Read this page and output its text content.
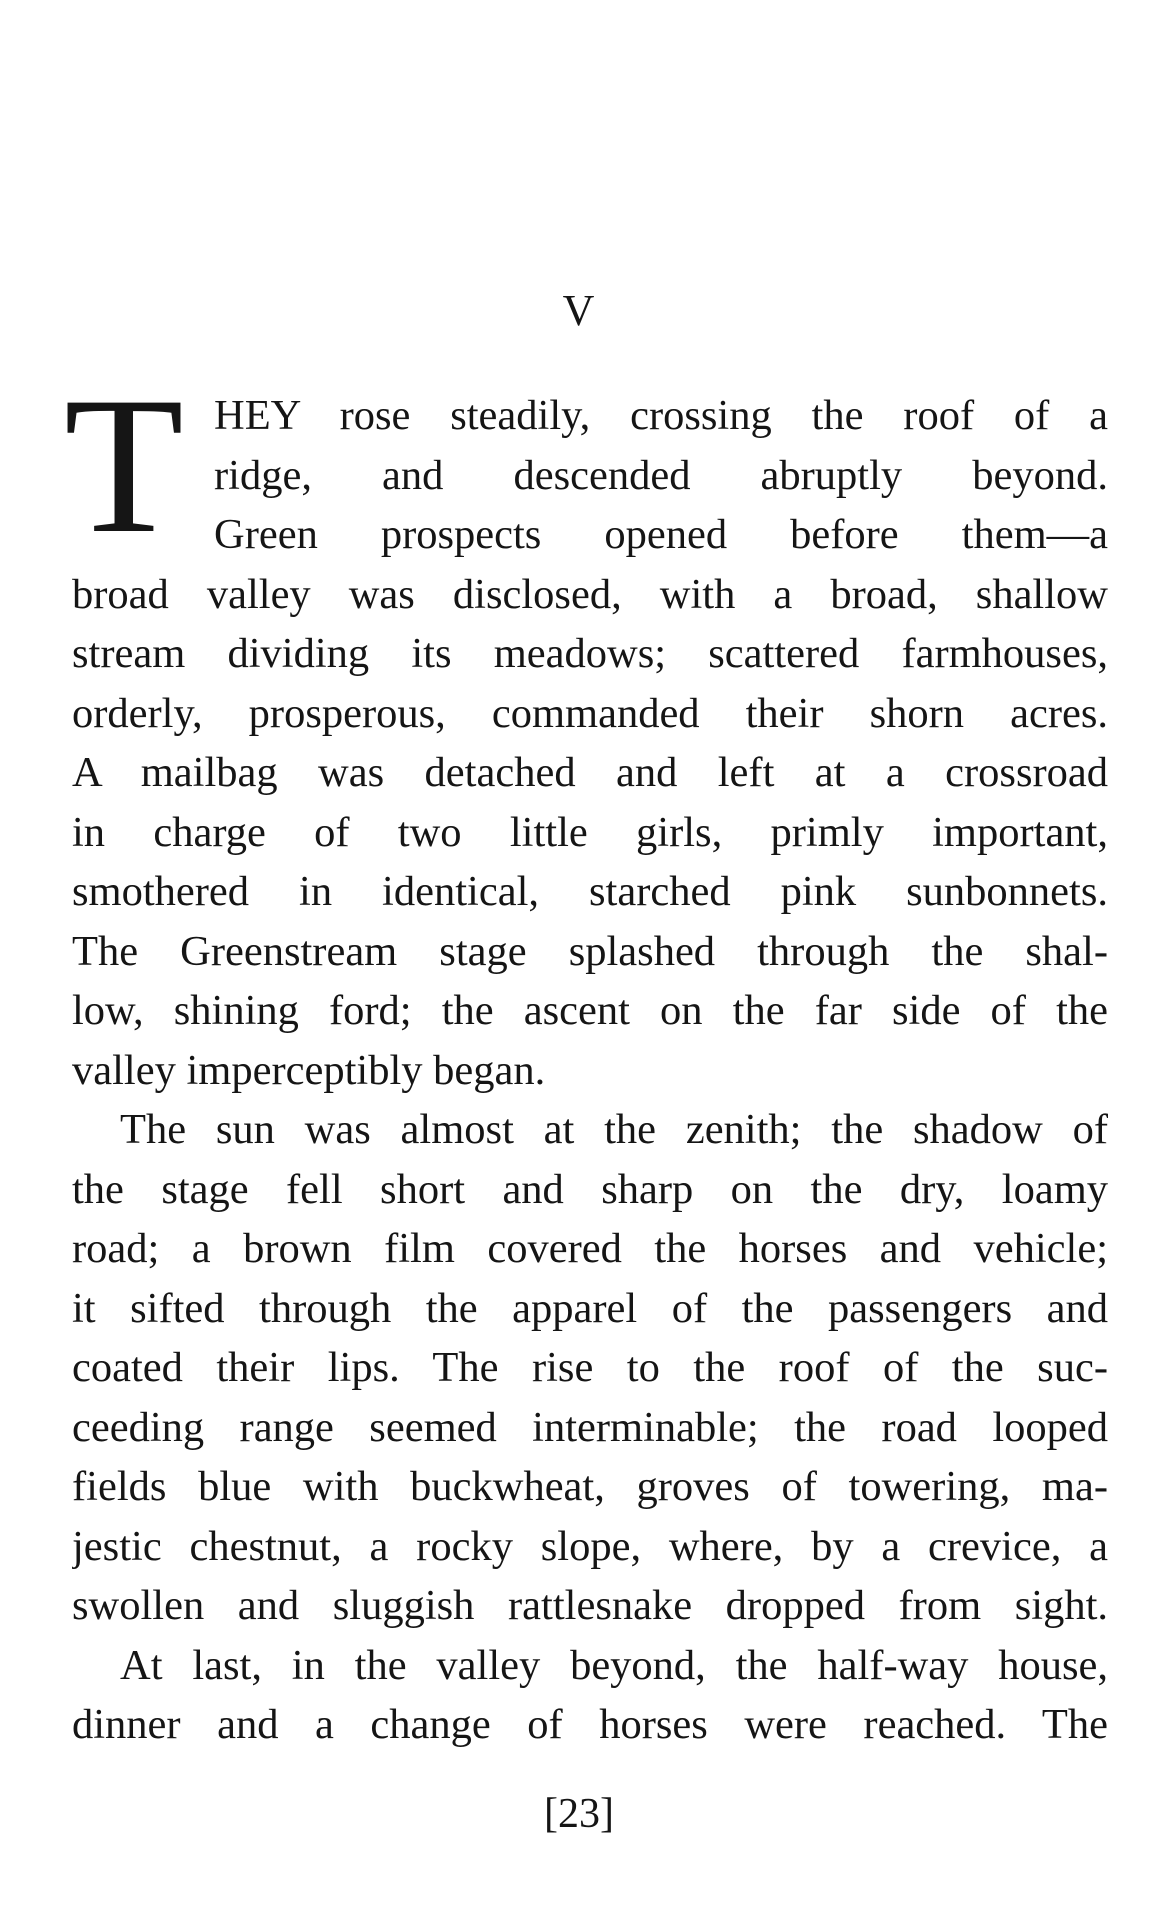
V
T HEY rose steadily, crossing the roof of a
ridge, and descended abruptly beyond.
Green prospects opened before them—a
broad valley was disclosed, with a broad, shallow
stream dividing its meadows; scattered farmhouses,
orderly, prosperous, commanded their shorn acres.
A mailbag was detached and left at a crossroad
in charge of two little girls, primly important,
smothered in identical, starched pink sunbonnets.
The Greenstream stage splashed through the shal-
low, shining ford; the ascent on the far side of the
valley imperceptibly began.
The sun was almost at the zenith; the shadow of
the stage fell short and sharp on the dry, loamy
road; a brown film covered the horses and vehicle;
it sifted through the apparel of the passengers and
coated their lips. The rise to the roof of the suc-
ceeding range seemed interminable; the road looped
fields blue with buckwheat, groves of towering, ma-
jestic chestnut, a rocky slope, where, by a crevice, a
swollen and sluggish rattlesnake dropped from sight.
At last, in the valley beyond, the half-way house,
dinner and a change of horses were reached. The
[23]
